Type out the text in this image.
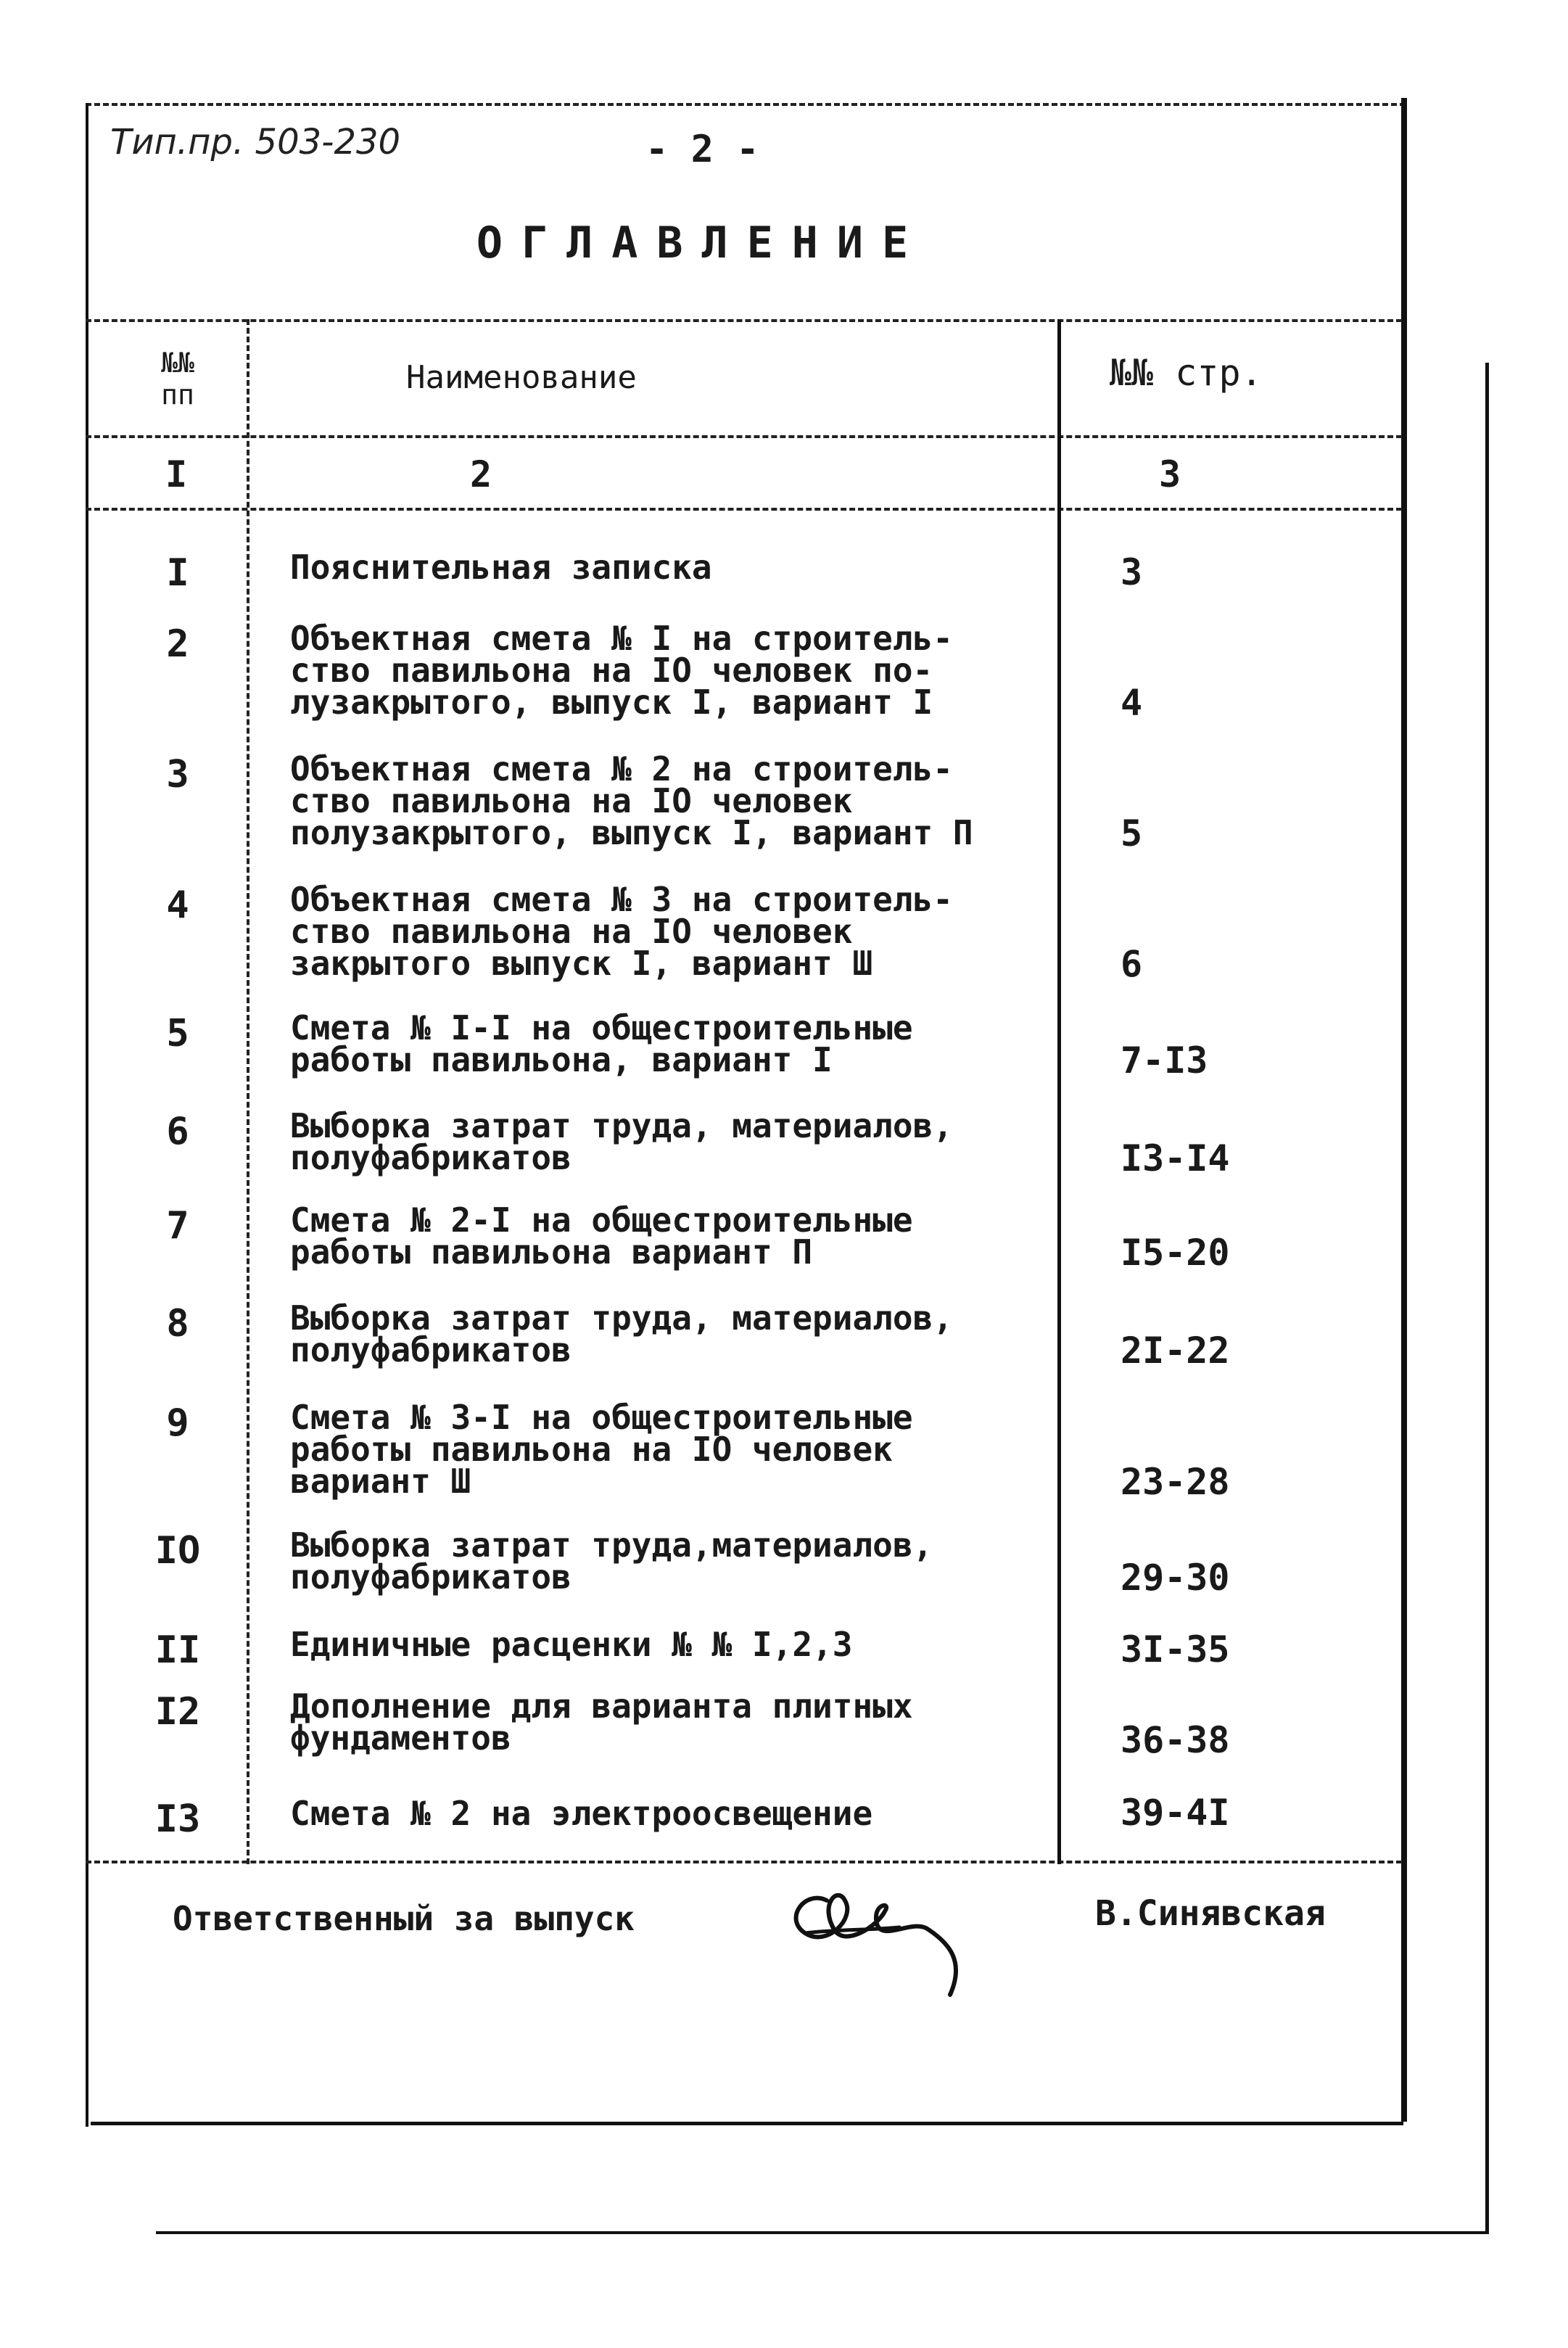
Тип.пр. 503-230	- 2 -
ОГЛАВЛЕНИЕ
№№
пп	Наименование	№№ стр.
I	2	3
I	Пояснительная записка	3
2	Объектная смета № I на строитель-
ство павильона на IО человек по-
лузакрытого, выпуск I, вариант I	4
3	Объектная смета № 2 на строитель-
ство павильона на IО человек
полузакрытого, выпуск I, вариант П	5
4	Объектная смета № 3 на строитель-
ство павильона на IО человек
закрытого выпуск I, вариант Ш	6
5	Смета № I-I на общестроительные
работы павильона, вариант I	7-I3
6	Выборка затрат труда, материалов,
полуфабрикатов	I3-I4
7	Смета № 2-I на общестроительные
работы павильона вариант П	I5-20
8	Выборка затрат труда, материалов,
полуфабрикатов	2I-22
9	Смета № 3-I на общестроительные
работы павильона на IО человек
вариант Ш	23-28
IО	Выборка затрат труда,материалов,
полуфабрикатов	29-30
II	Единичные расценки № № I,2,3	3I-35
I2	Дополнение для варианта плитных
фундаментов	36-38
I3	Смета № 2 на электроосвещение	39-4I
Ответственный за выпуск	В.Синявская
